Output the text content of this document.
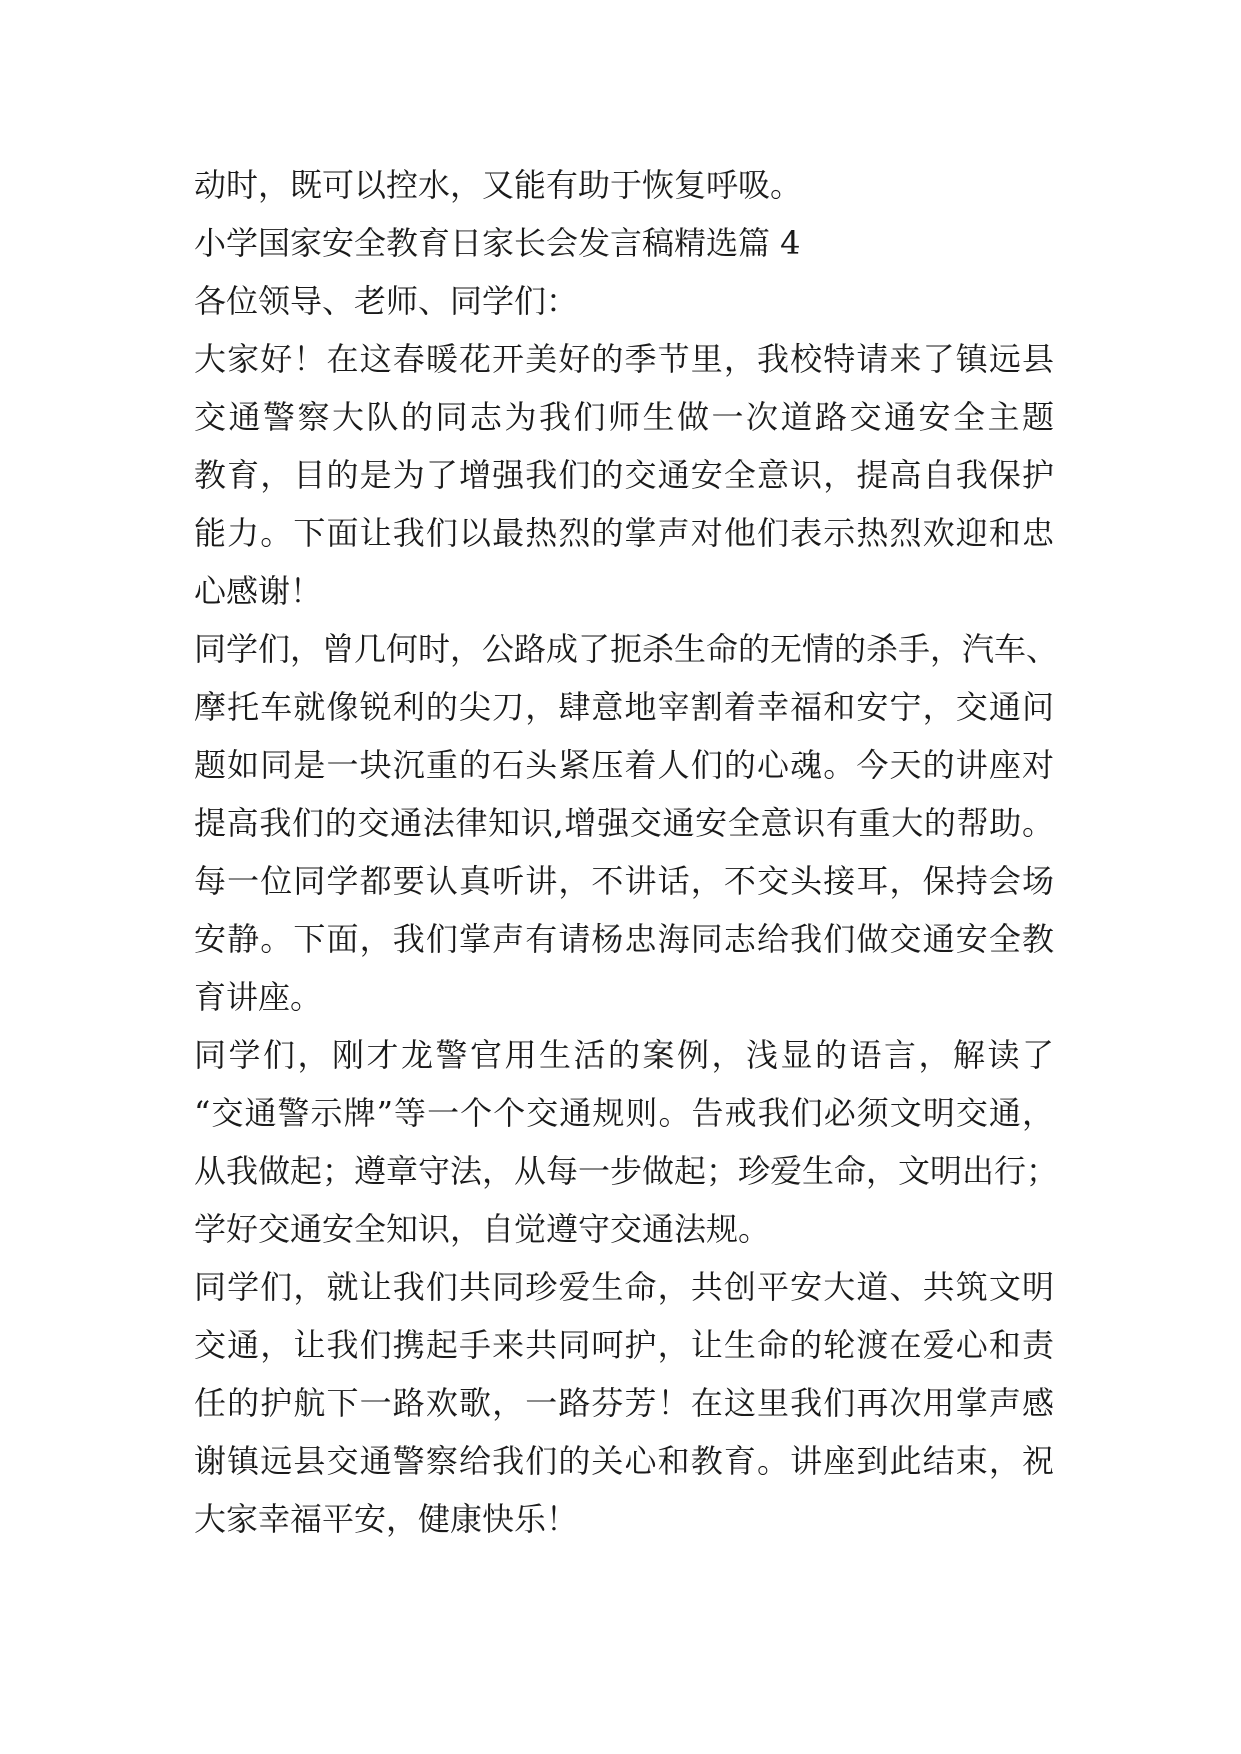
动时，既可以控水，又能有助于恢复呼吸。
小学国家安全教育日家长会发言稿精选篇 4
各位领导、老师、同学们：
大家好！在这春暖花开美好的季节里，我校特请来了镇远县
交通警察大队的同志为我们师生做一次道路交通安全主题
教育，目的是为了增强我们的交通安全意识，提高自我保护
能力。下面让我们以最热烈的掌声对他们表示热烈欢迎和忠
心感谢！
同学们，曾几何时，公路成了扼杀生命的无情的杀手，汽车、
摩托车就像锐利的尖刀，肆意地宰割着幸福和安宁，交通问
题如同是一块沉重的石头紧压着人们的心魂。今天的讲座对
提高我们的交通法律知识,增强交通安全意识有重大的帮助。
每一位同学都要认真听讲，不讲话，不交头接耳，保持会场
安静。下面，我们掌声有请杨忠海同志给我们做交通安全教
育讲座。
同学们，刚才龙警官用生活的案例，浅显的语言，解读了
“交通警示牌”等一个个交通规则。告戒我们必须文明交通，
从我做起；遵章守法，从每一步做起；珍爱生命，文明出行；
学好交通安全知识，自觉遵守交通法规。
同学们，就让我们共同珍爱生命，共创平安大道、共筑文明
交通，让我们携起手来共同呵护，让生命的轮渡在爱心和责
任的护航下一路欢歌，一路芬芳！在这里我们再次用掌声感
谢镇远县交通警察给我们的关心和教育。讲座到此结束，祝
大家幸福平安，健康快乐！
